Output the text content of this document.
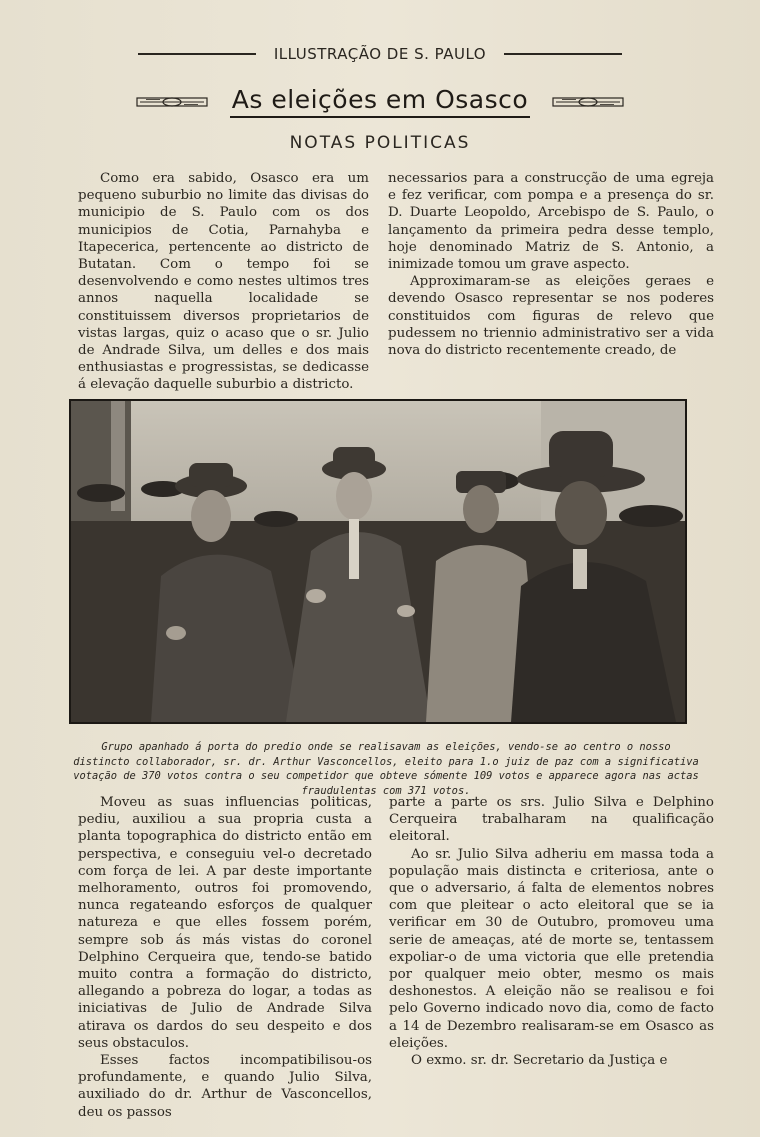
ILLUSTRAÇÃO DE S. PAULO
As eleições em Osasco
NOTAS POLITICAS

Como era sabido, Osasco era um pequeno suburbio no limite das divisas do municipio de S. Paulo com os dos municipios de Cotia, Parnahyba e Itapecerica, pertencente ao districto de Butatan. Com o tempo foi se desenvolvendo e como nestes ultimos tres annos naquella localidade se constituissem diversos proprietarios de vistas largas, quiz o acaso que o sr. Julio de Andrade Silva, um delles e dos mais enthusiastas e progressistas, se dedicasse á elevação daquelle suburbio a districto.

necessarios para a construcção de uma egreja e fez verificar, com pompa e a presença do sr. D. Duarte Leopoldo, Arcebispo de S. Paulo, o lançamento da primeira pedra desse templo, hoje denominado Matriz de S. Antonio, a inimizade tomou um grave aspecto.

Approximaram-se as eleições geraes e devendo Osasco representar se nos poderes constituidos com figuras de relevo que pudessem no triennio administrativo ser a vida nova do districto recentemente creado, de

Grupo apanhado á porta do predio onde se realisavam as eleições, vendo-se ao centro o nosso distincto collaborador, sr. dr. Arthur Vasconcellos, eleito para 1.o juiz de paz com a significativa votação de 370 votos contra o seu competidor que obteve sómente 109 votos e apparece agora nas actas fraudulentas com 371 votos.

Moveu as suas influencias politicas, pediu, auxiliou a sua propria custa a planta topographica do districto então em perspectiva, e conseguiu vel-o decretado com força de lei. A par deste importante melhoramento, outros foi promovendo, nunca regateando esforços de qualquer natureza e que elles fossem porém, sempre sob ás más vistas do coronel Delphino Cerqueira que, tendo-se batido muito contra a formação do districto, allegando a pobreza do logar, a todas as iniciativas de Julio de Andrade Silva atirava os dardos do seu despeito e dos seus obstaculos.

Esses factos incompatibilisou-os profundamente, e quando Julio Silva, auxiliado do dr. Arthur de Vasconcellos, deu os passos

parte a parte os srs. Julio Silva e Delphino Cerqueira trabalharam na qualificação eleitoral.

Ao sr. Julio Silva adheriu em massa toda a população mais distincta e criteriosa, ante o que o adversario, á falta de elementos nobres com que pleitear o acto eleitoral que se ia verificar em 30 de Outubro, promoveu uma serie de ameaças, até de morte se, tentassem expoliar-o de uma victoria que elle pretendia por qualquer meio obter, mesmo os mais deshonestos. A eleição não se realisou e foi pelo Governo indicado novo dia, como de facto a 14 de Dezembro realisaram-se em Osasco as eleições.

O exmo. sr. dr. Secretario da Justiça e
